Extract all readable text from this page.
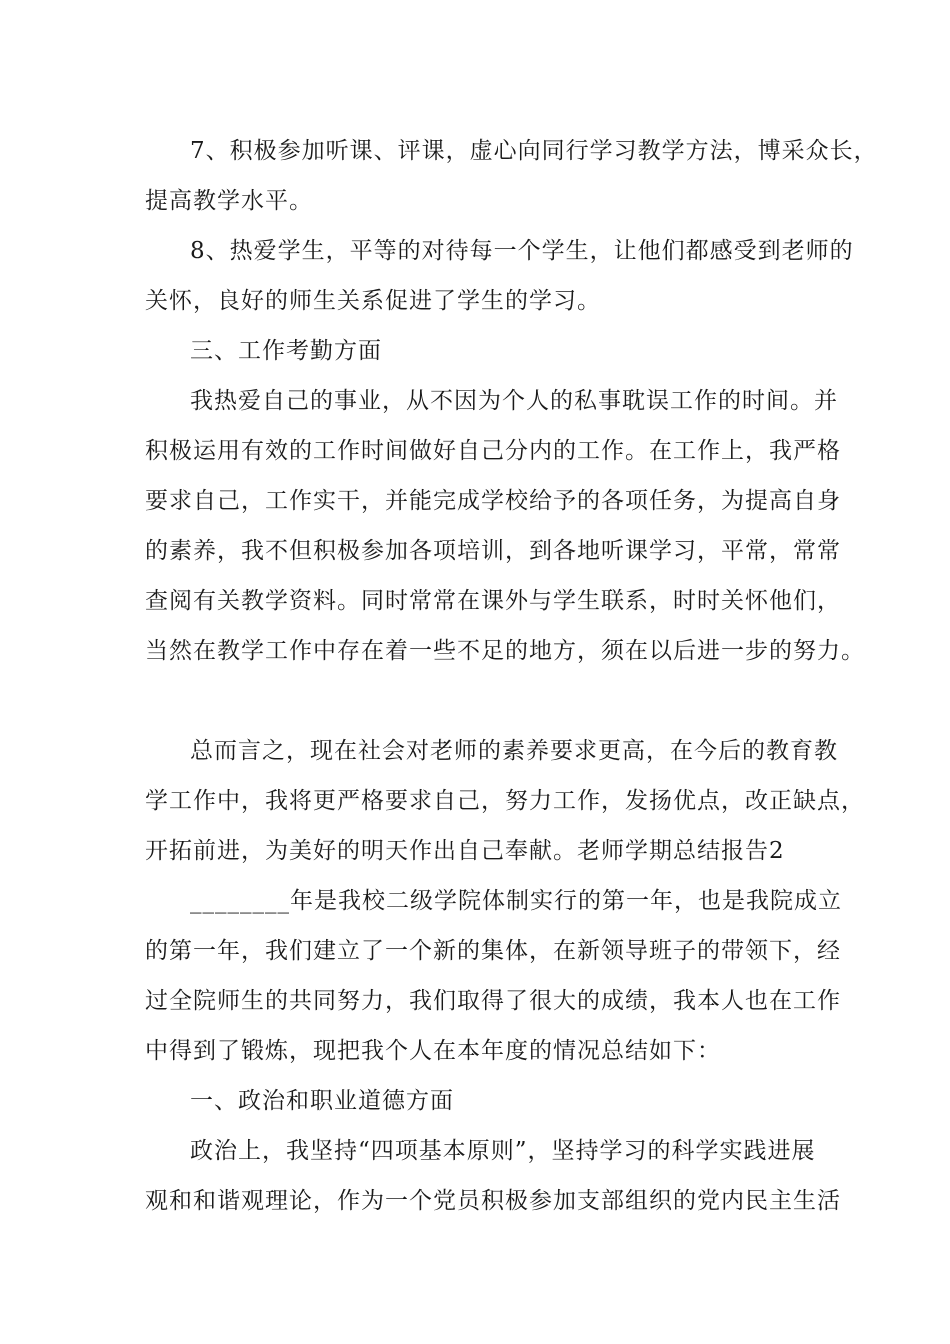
7、积极参加听课、评课，虚心向同行学习教学方法，博采众长，
提高教学水平。
8、热爱学生，平等的对待每一个学生，让他们都感受到老师的
关怀，良好的师生关系促进了学生的学习。
三、工作考勤方面
我热爱自己的事业，从不因为个人的私事耽误工作的时间。并
积极运用有效的工作时间做好自己分内的工作。在工作上，我严格
要求自己，工作实干，并能完成学校给予的各项任务，为提高自身
的素养，我不但积极参加各项培训，到各地听课学习，平常，常常
查阅有关教学资料。同时常常在课外与学生联系，时时关怀他们，
当然在教学工作中存在着一些不足的地方，须在以后进一步的努力。
总而言之，现在社会对老师的素养要求更高，在今后的教育教
学工作中，我将更严格要求自己，努力工作，发扬优点，改正缺点，
开拓前进，为美好的明天作出自己奉献。老师学期总结报告2
________年是我校二级学院体制实行的第一年，也是我院成立
的第一年，我们建立了一个新的集体，在新领导班子的带领下，经
过全院师生的共同努力，我们取得了很大的成绩，我本人也在工作
中得到了锻炼，现把我个人在本年度的情况总结如下：
一、政治和职业道德方面
政治上，我坚持“四项基本原则”，坚持学习的科学实践进展
观和和谐观理论，作为一个党员积极参加支部组织的党内民主生活
